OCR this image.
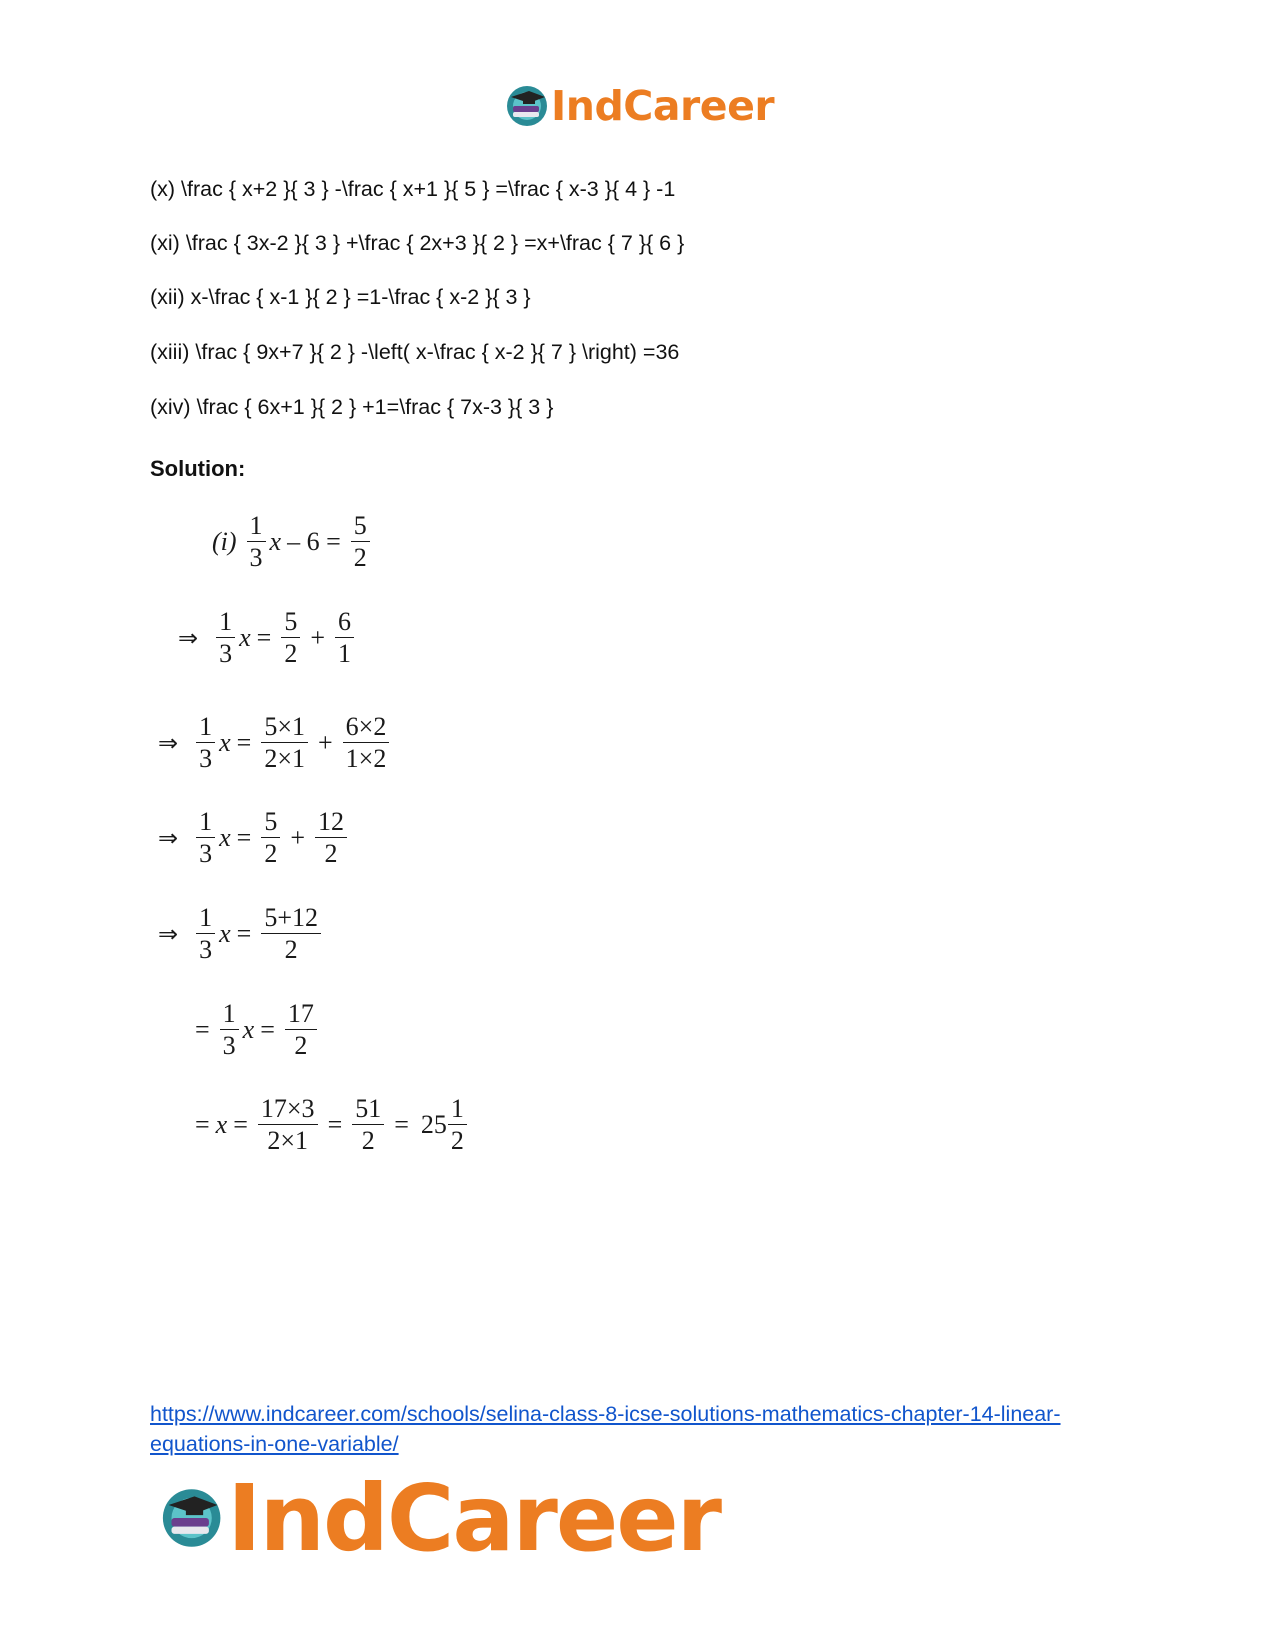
IndCareer
(x) \frac { x+2 }{ 3 } -\frac { x+1 }{ 5 } =\frac { x-3 }{ 4 } -1
(xi) \frac { 3x-2 }{ 3 } +\frac { 2x+3 }{ 2 } =x+\frac { 7 }{ 6 }
(xii) x-\frac { x-1 }{ 2 } =1-\frac { x-2 }{ 3 }
(xiii) \frac { 9x+7 }{ 2 } -\left( x-\frac { x-2 }{ 7 } \right) =36
(xiv) \frac { 6x+1 }{ 2 } +1=\frac { 7x-3 }{ 3 }
Solution:
$(i) \frac{1}{3}$ $x - 6 = \frac{5}{2}$
⇒ $\frac{1}{3}$ $x = \frac{5}{2} + \frac{6}{1}$
⇒ $\frac{1}{3}$ $x = \frac{5\times 1}{2\times 1} + \frac{6\times 2}{1\times 2}$
⇒ $\frac{1}{3}$ $x = \frac{5}{2} + \frac{12}{2}$
⇒ $\frac{1}{3}$ $x = \frac{5+12}{2}$
= $\frac{1}{3}$ $x = \frac{17}{2}$
= $x = \frac{17\times 3}{2\times 1} = \frac{51}{2} = 25 \frac{1}{2}$
https://www.indcareer.com/schools/selina-class-8-icse-solutions-mathematics-chapter-14-linear-
equations-in-one-variable/
IndCareer
